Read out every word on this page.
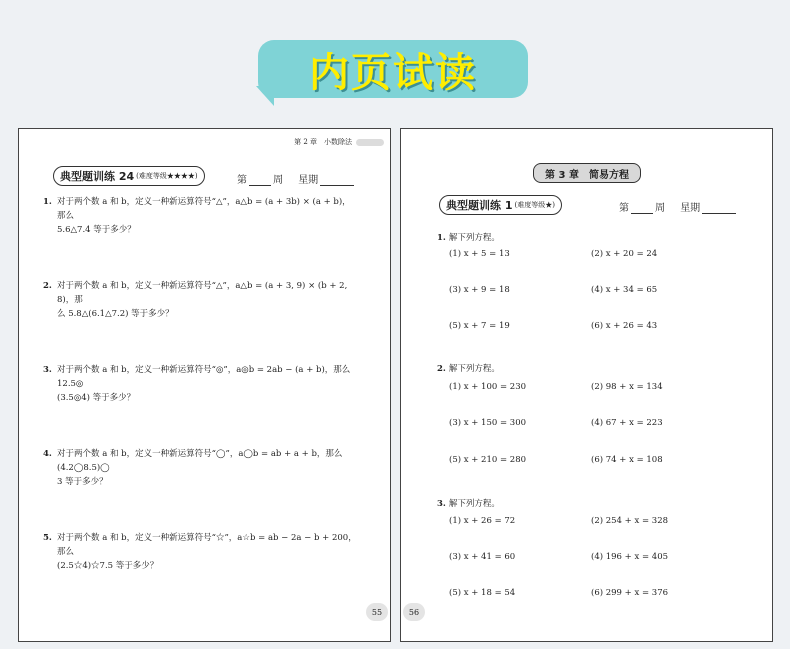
内页试读
第 2 章　小数除法
典型题训练 24 (难度等级★★★★)	第	周 星期
1. 对于两个数 a 和 b，定义一种新运算符号“△”，a△b = (a + 3b) × (a + b)，那么
5.6△7.4 等于多少？
2. 对于两个数 a 和 b，定义一种新运算符号“△”，a△b = (a + 3, 9) × (b + 2, 8)，那
么 5.8△(6.1△7.2) 等于多少？
3. 对于两个数 a 和 b，定义一种新运算符号“◎”，a◎b = 2ab − (a + b)，那么 12.5◎
(3.5◎4) 等于多少？
4. 对于两个数 a 和 b，定义一种新运算符号“◯”，a◯b = ab + a + b，那么 (4.2◯8.5)◯
3 等于多少？
5. 对于两个数 a 和 b，定义一种新运算符号“☆”，a☆b = ab − 2a − b + 200，那么
(2.5☆4)☆7.5 等于多少？
55
第 3 章 简易方程
典型题训练 1 (难度等级★)	第	周 星期
1. 解下列方程。
(1) x + 5 = 13	(2) x + 20 = 24
(3) x + 9 = 18	(4) x + 34 = 65
(5) x + 7 = 19	(6) x + 26 = 43
2. 解下列方程。
(1) x + 100 = 230	(2) 98 + x = 134
(3) x + 150 = 300	(4) 67 + x = 223
(5) x + 210 = 280	(6) 74 + x = 108
3. 解下列方程。
(1) x + 26 = 72	(2) 254 + x = 328
(3) x + 41 = 60	(4) 196 + x = 405
(5) x + 18 = 54	(6) 299 + x = 376
56
